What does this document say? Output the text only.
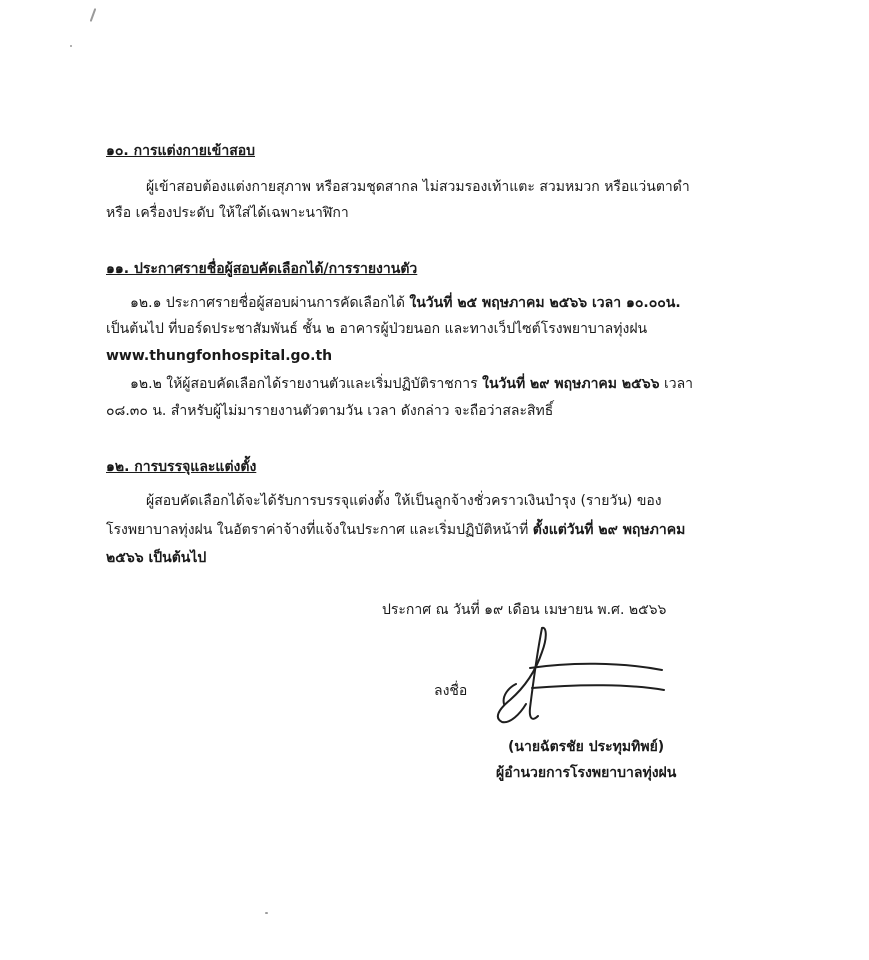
๑๐. การแต่งกายเข้าสอบ
ผู้เข้าสอบต้องแต่งกายสุภาพ หรือสวมชุดสากล ไม่สวมรองเท้าแตะ สวมหมวก หรือแว่นตาดำ
หรือ เครื่องประดับ ให้ใส่ได้เฉพาะนาฬิกา
๑๑. ประกาศรายชื่อผู้สอบคัดเลือกได้/การรายงานตัว
๑๒.๑ ประกาศรายชื่อผู้สอบผ่านการคัดเลือกได้ ในวันที่ ๒๕ พฤษภาคม ๒๕๖๖ เวลา ๑๐.๐๐น.
เป็นต้นไป ที่บอร์ดประชาสัมพันธ์ ชั้น ๒ อาคารผู้ป่วยนอก และทางเว็ปไซต์โรงพยาบาลทุ่งฝน
www.thungfonhospital.go.th
๑๒.๒ ให้ผู้สอบคัดเลือกได้รายงานตัวและเริ่มปฏิบัติราชการ ในวันที่ ๒๙ พฤษภาคม ๒๕๖๖ เวลา
๐๘.๓๐ น. สำหรับผู้ไม่มารายงานตัวตามวัน เวลา ดังกล่าว จะถือว่าสละสิทธิ์
๑๒. การบรรจุและแต่งตั้ง
ผู้สอบคัดเลือกได้จะได้รับการบรรจุแต่งตั้ง ให้เป็นลูกจ้างชั่วคราวเงินบำรุง (รายวัน) ของ
โรงพยาบาลทุ่งฝน ในอัตราค่าจ้างที่แจ้งในประกาศ และเริ่มปฏิบัติหน้าที่ ตั้งแต่วันที่ ๒๙ พฤษภาคม
๒๕๖๖ เป็นต้นไป
ประกาศ ณ วันที่ ๑๙ เดือน เมษายน พ.ศ. ๒๕๖๖
ลงชื่อ
(นายฉัตรชัย ประทุมทิพย์)
ผู้อำนวยการโรงพยาบาลทุ่งฝน
